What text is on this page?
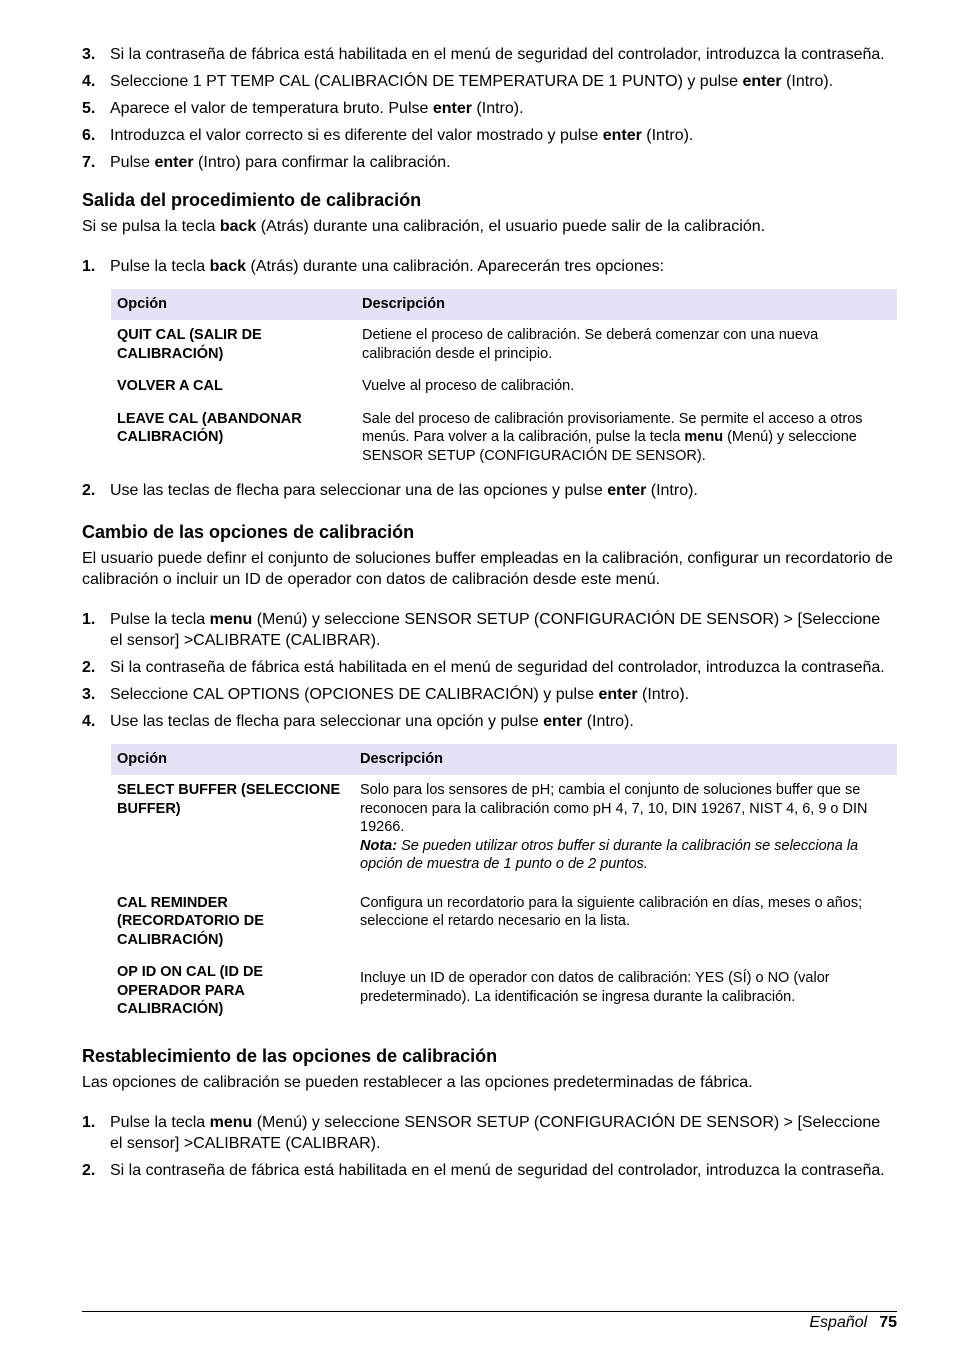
3. Si la contraseña de fábrica está habilitada en el menú de seguridad del controlador, introduzca la contraseña.
4. Seleccione 1 PT TEMP CAL (CALIBRACIÓN DE TEMPERATURA DE 1 PUNTO) y pulse enter (Intro).
5. Aparece el valor de temperatura bruto. Pulse enter (Intro).
6. Introduzca el valor correcto si es diferente del valor mostrado y pulse enter (Intro).
7. Pulse enter (Intro) para confirmar la calibración.
Salida del procedimiento de calibración

Si se pulsa la tecla back (Atrás) durante una calibración, el usuario puede salir de la calibración.

1. Pulse la tecla back (Atrás) durante una calibración. Aparecerán tres opciones:
Opción	Descripción
QUIT CAL (SALIR DE CALIBRACIÓN)	Detiene el proceso de calibración. Se deberá comenzar con una nueva calibración desde el principio.
VOLVER A CAL	Vuelve al proceso de calibración.
LEAVE CAL (ABANDONAR CALIBRACIÓN)	Sale del proceso de calibración provisoriamente. Se permite el acceso a otros menús. Para volver a la calibración, pulse la tecla menu (Menú) y seleccione SENSOR SETUP (CONFIGURACIÓN DE SENSOR).
2. Use las teclas de flecha para seleccionar una de las opciones y pulse enter (Intro).
Cambio de las opciones de calibración

El usuario puede definr el conjunto de soluciones buffer empleadas en la calibración, configurar un recordatorio de calibración o incluir un ID de operador con datos de calibración desde este menú.

1. Pulse la tecla menu (Menú) y seleccione SENSOR SETUP (CONFIGURACIÓN DE SENSOR) > [Seleccione el sensor] >CALIBRATE (CALIBRAR).
2. Si la contraseña de fábrica está habilitada en el menú de seguridad del controlador, introduzca la contraseña.
3. Seleccione CAL OPTIONS (OPCIONES DE CALIBRACIÓN) y pulse enter (Intro).
4. Use las teclas de flecha para seleccionar una opción y pulse enter (Intro).
Opción	Descripción
SELECT BUFFER (SELECCIONE BUFFER)	Solo para los sensores de pH; cambia el conjunto de soluciones buffer que se reconocen para la calibración como pH 4, 7, 10, DIN 19267, NIST 4, 6, 9 o DIN 19266.
Nota: Se pueden utilizar otros buffer si durante la calibración se selecciona la opción de muestra de 1 punto o de 2 puntos.
CAL REMINDER (RECORDATORIO DE CALIBRACIÓN)	Configura un recordatorio para la siguiente calibración en días, meses o años; seleccione el retardo necesario en la lista.
OP ID ON CAL (ID DE OPERADOR PARA CALIBRACIÓN)	Incluye un ID de operador con datos de calibración: YES (SÍ) o NO (valor predeterminado). La identificación se ingresa durante la calibración.
Restablecimiento de las opciones de calibración

Las opciones de calibración se pueden restablecer a las opciones predeterminadas de fábrica.

1. Pulse la tecla menu (Menú) y seleccione SENSOR SETUP (CONFIGURACIÓN DE SENSOR) > [Seleccione el sensor] >CALIBRATE (CALIBRAR).
2. Si la contraseña de fábrica está habilitada en el menú de seguridad del controlador, introduzca la contraseña.
Español 75
